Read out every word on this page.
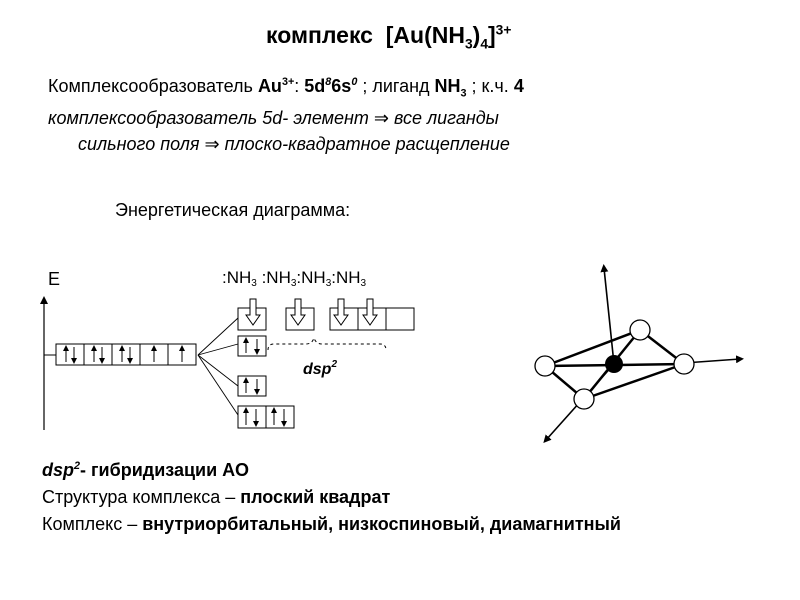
комплекс $[Au(NH_3)_4]^{3+}$
Комплексообразователь $Au^{3+}$: $5d^86s^0$ ; лиганд $NH_3$ ; к.ч. 4
комплексообразователь 5d- элемент ⇒ все лиганды
сильного поля ⇒ плоско-квадратное расщепление
Энергетическая диаграмма:
E	:NH3 :NH3:NH3:NH3
dsp$^2$
dsp$^2$- гибридизации АО
Структура комплекса – плоский квадрат
Комплекс – внутриорбитальный, низкоспиновый, диамагнитный
